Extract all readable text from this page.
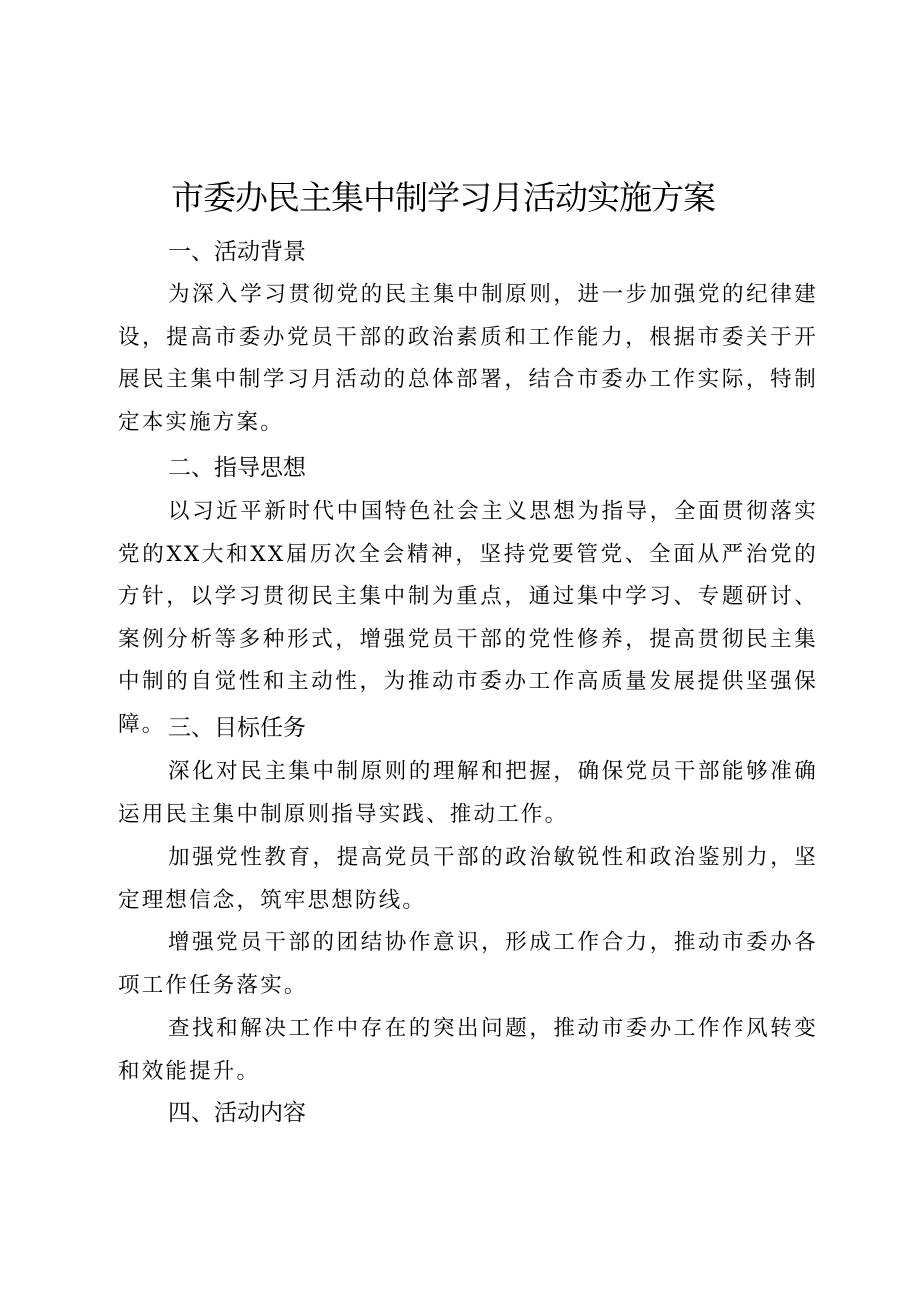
市委办民主集中制学习月活动实施方案
一、活动背景

为深入学习贯彻党的民主集中制原则，进一步加强党的纪律建设，提高市委办党员干部的政治素质和工作能力，根据市委关于开展民主集中制学习月活动的总体部署，结合市委办工作实际，特制定本实施方案。

二、指导思想

以习近平新时代中国特色社会主义思想为指导，全面贯彻落实党的XX大和XX届历次全会精神，坚持党要管党、全面从严治党的方针，以学习贯彻民主集中制为重点，通过集中学习、专题研讨、案例分析等多种形式，增强党员干部的党性修养，提高贯彻民主集中制的自觉性和主动性，为推动市委办工作高质量发展提供坚强保障。 三、目标任务

深化对民主集中制原则的理解和把握，确保党员干部能够准确运用民主集中制原则指导实践、推动工作。

加强党性教育，提高党员干部的政治敏锐性和政治鉴别力，坚定理想信念，筑牢思想防线。

增强党员干部的团结协作意识，形成工作合力，推动市委办各项工作任务落实。

查找和解决工作中存在的突出问题，推动市委办工作作风转变和效能提升。

四、活动内容
